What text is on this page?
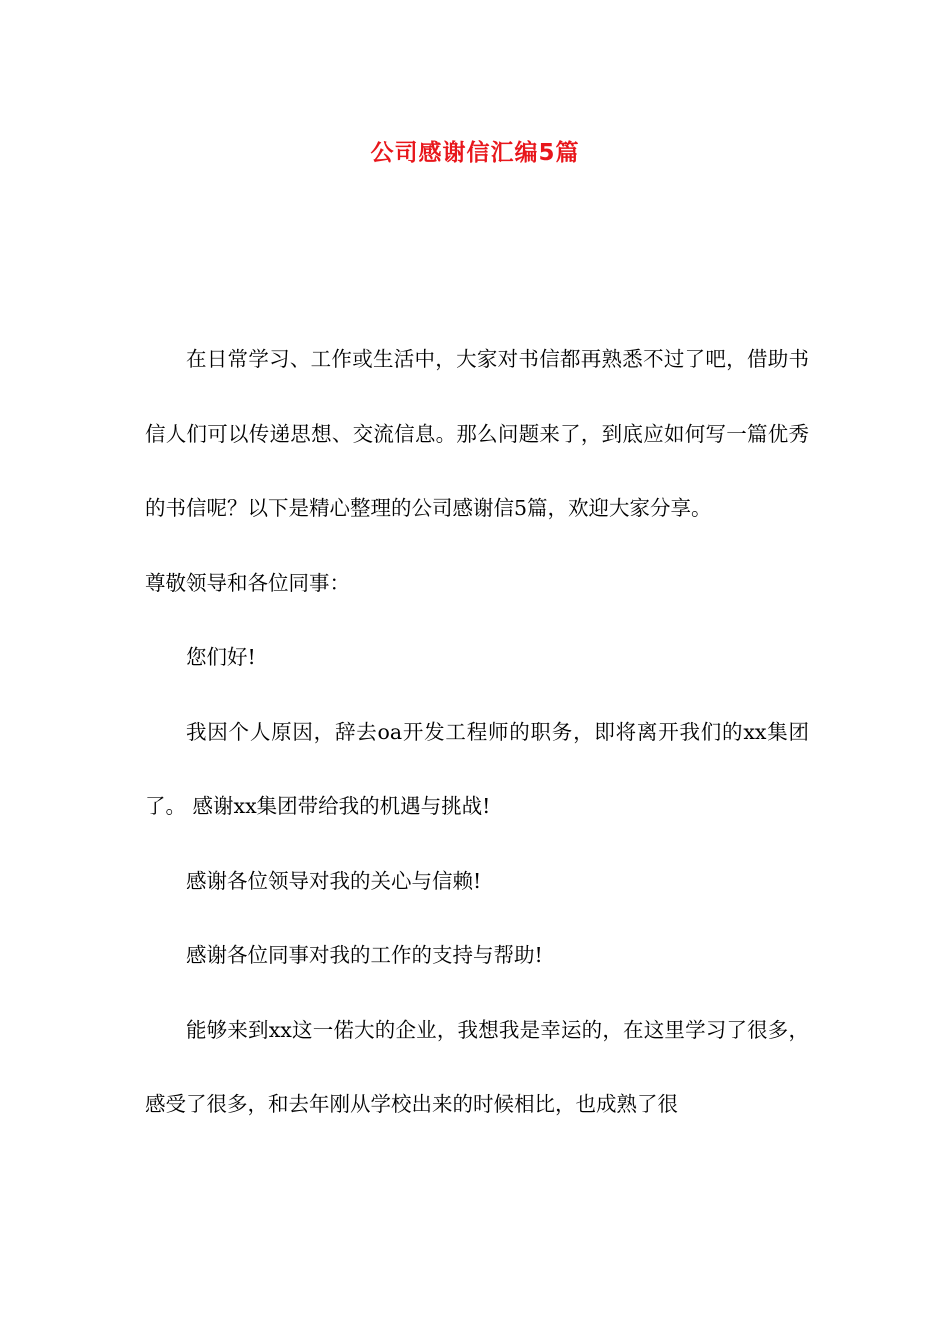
公司感谢信汇编5篇

在日常学习、工作或生活中，大家对书信都再熟悉不过了吧，借助书信人们可以传递思想、交流信息。那么问题来了，到底应如何写一篇优秀的书信呢？以下是精心整理的公司感谢信5篇，欢迎大家分享。

尊敬领导和各位同事：

您们好!

我因个人原因，辞去oa开发工程师的职务，即将离开我们的xx集团了。 感谢xx集团带给我的机遇与挑战!

感谢各位领导对我的关心与信赖!

感谢各位同事对我的工作的支持与帮助!

能够来到xx这一偌大的企业，我想我是幸运的，在这里学习了很多，感受了很多，和去年刚从学校出来的时候相比，也成熟了很
